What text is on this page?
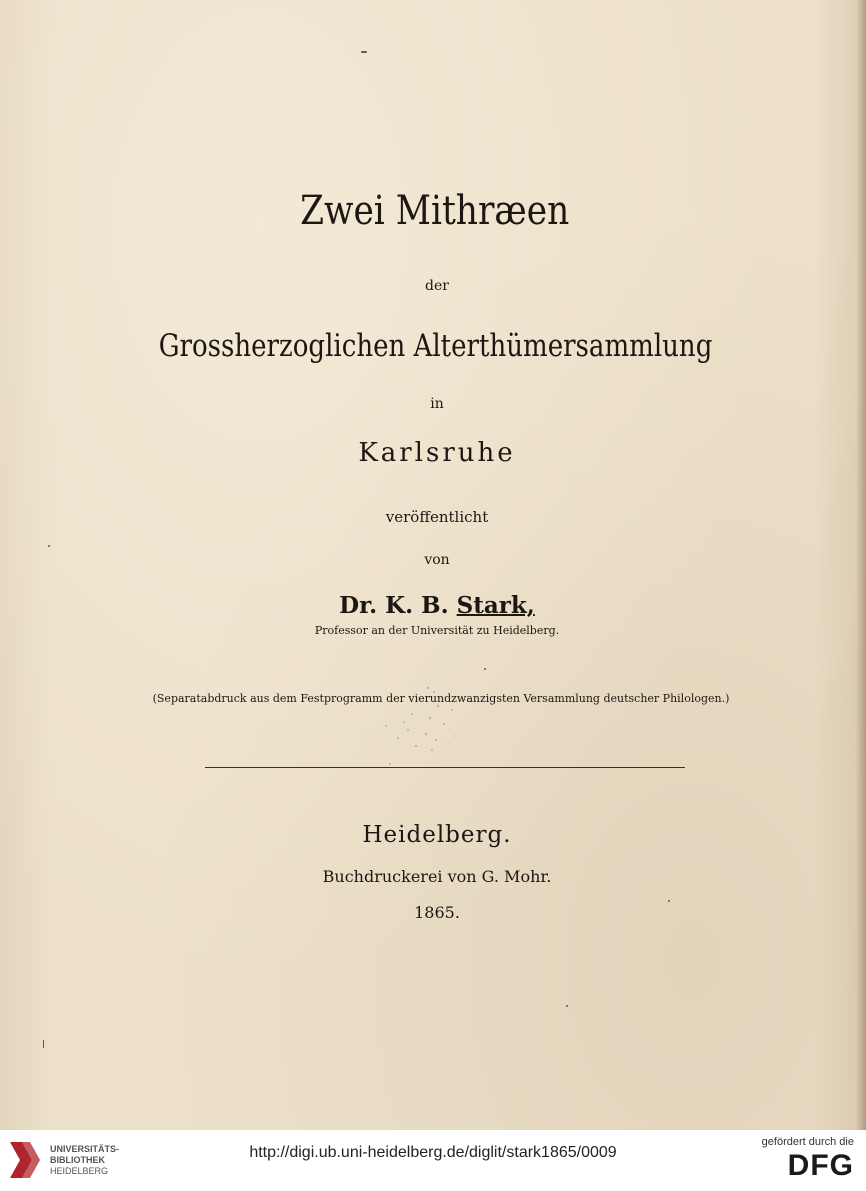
Zwei Mithræen
der
Grossherzoglichen Alterthümersammlung
in
Karlsruhe
veröffentlicht
von
Dr. K. B. Stark,
Professor an der Universität zu Heidelberg.
(Separatabdruck aus dem Festprogramm der vierundzwanzigsten Versammlung deutscher Philologen.)
Heidelberg.
Buchdruckerei von G. Mohr.
1865.
UNIVERSITÄTS-
BIBLIOTHEK
HEIDELBERG
http://digi.ub.uni-heidelberg.de/diglit/stark1865/0009
gefördert durch die
DFG
